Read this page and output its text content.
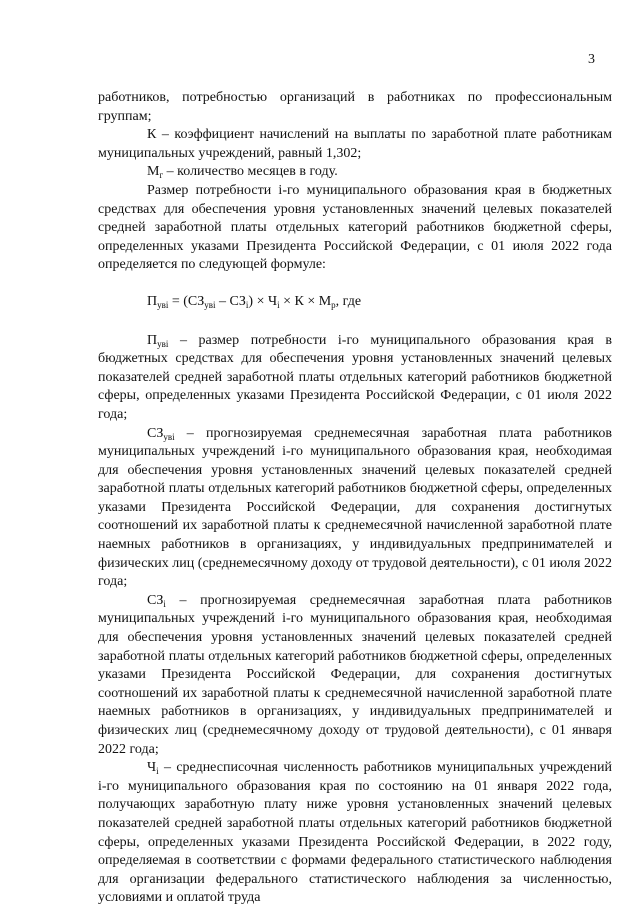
3

работников, потребностью организаций в работниках по профессиональным группам;

К – коэффициент начислений на выплаты по заработной плате работникам муниципальных учреждений, равный 1,302;

$М_г$ – количество месяцев в году.

Размер потребности i-го муниципального образования края в бюджетных средствах для обеспечения уровня установленных значений целевых показателей средней заработной платы отдельных категорий работников бюджетной сферы, определенных указами Президента Российской Федерации, с 01 июля 2022 года определяется по следующей формуле:

$П_{увi} = (СЗ_{увi} - СЗ_i) \times Ч_i \times К \times М_р$, где

$П_{увi}$ – размер потребности i-го муниципального образования края в бюджетных средствах для обеспечения уровня установленных значений целевых показателей средней заработной платы отдельных категорий работников бюджетной сферы, определенных указами Президента Российской Федерации, с 01 июля 2022 года;

$СЗ_{увi}$ – прогнозируемая среднемесячная заработная плата работников муниципальных учреждений i-го муниципального образования края, необходимая для обеспечения уровня установленных значений целевых показателей средней заработной платы отдельных категорий работников бюджетной сферы, определенных указами Президента Российской Федерации, для сохранения достигнутых соотношений их заработной платы к среднемесячной начисленной заработной плате наемных работников в организациях, у индивидуальных предпринимателей и физических лиц (среднемесячному доходу от трудовой деятельности), с 01 июля 2022 года;

$СЗ_i$ – прогнозируемая среднемесячная заработная плата работников муниципальных учреждений i-го муниципального образования края, необходимая для обеспечения уровня установленных значений целевых показателей средней заработной платы отдельных категорий работников бюджетной сферы, определенных указами Президента Российской Федерации, для сохранения достигнутых соотношений их заработной платы к среднемесячной начисленной заработной плате наемных работников в организациях, у индивидуальных предпринимателей и физических лиц (среднемесячному доходу от трудовой деятельности), с 01 января 2022 года;

$Ч_i$ – среднесписочная численность работников муниципальных учреждений i-го муниципального образования края по состоянию на 01 января 2022 года, получающих заработную плату ниже уровня установленных значений целевых показателей средней заработной платы отдельных категорий работников бюджетной сферы, определенных указами Президента Российской Федерации, в 2022 году, определяемая в соответствии с формами федерального статистического наблюдения для организации федерального статистического наблюдения за численностью, условиями и оплатой труда
